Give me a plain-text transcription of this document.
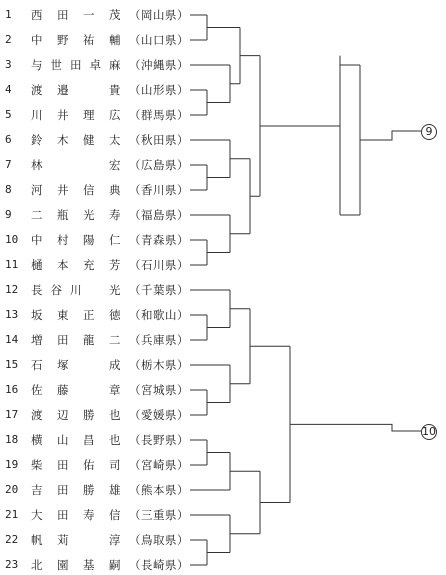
1	西 田 一 茂 （岡山県）
2	中 野 祐 輔 （山口県）
3	与 世 田 卓 麻 （沖縄県）
4	渡 邉	貴 （山形県）
5	川 井 理 広 （群馬県）
6	鈴 木 健 太 （秋田県）
7	林	宏 （広島県）
8	河 井 信 典 （香川県）
9	二 瓶 光 寿 （福島県）
10	中 村 陽 仁 （青森県）
11	樋 本 充 芳 （石川県）
12	長 谷 川 光 （千葉県）
13	坂 東 正 徳 （和歌山）
14	増 田 龍 二 （兵庫県）
15	石 塚	成 （栃木県）
16	佐 藤	章 （宮城県）
17	渡 辺 勝 也 （愛媛県）
18	横 山 昌 也 （長野県）
19	柴 田 佑 司 （宮崎県）
20	吉 田 勝 雄 （熊本県）
21	大 田 寿 信 （三重県）
22	帆 苅	淳 （鳥取県）
23	北 園 基 嗣 （長崎県）
9
10
